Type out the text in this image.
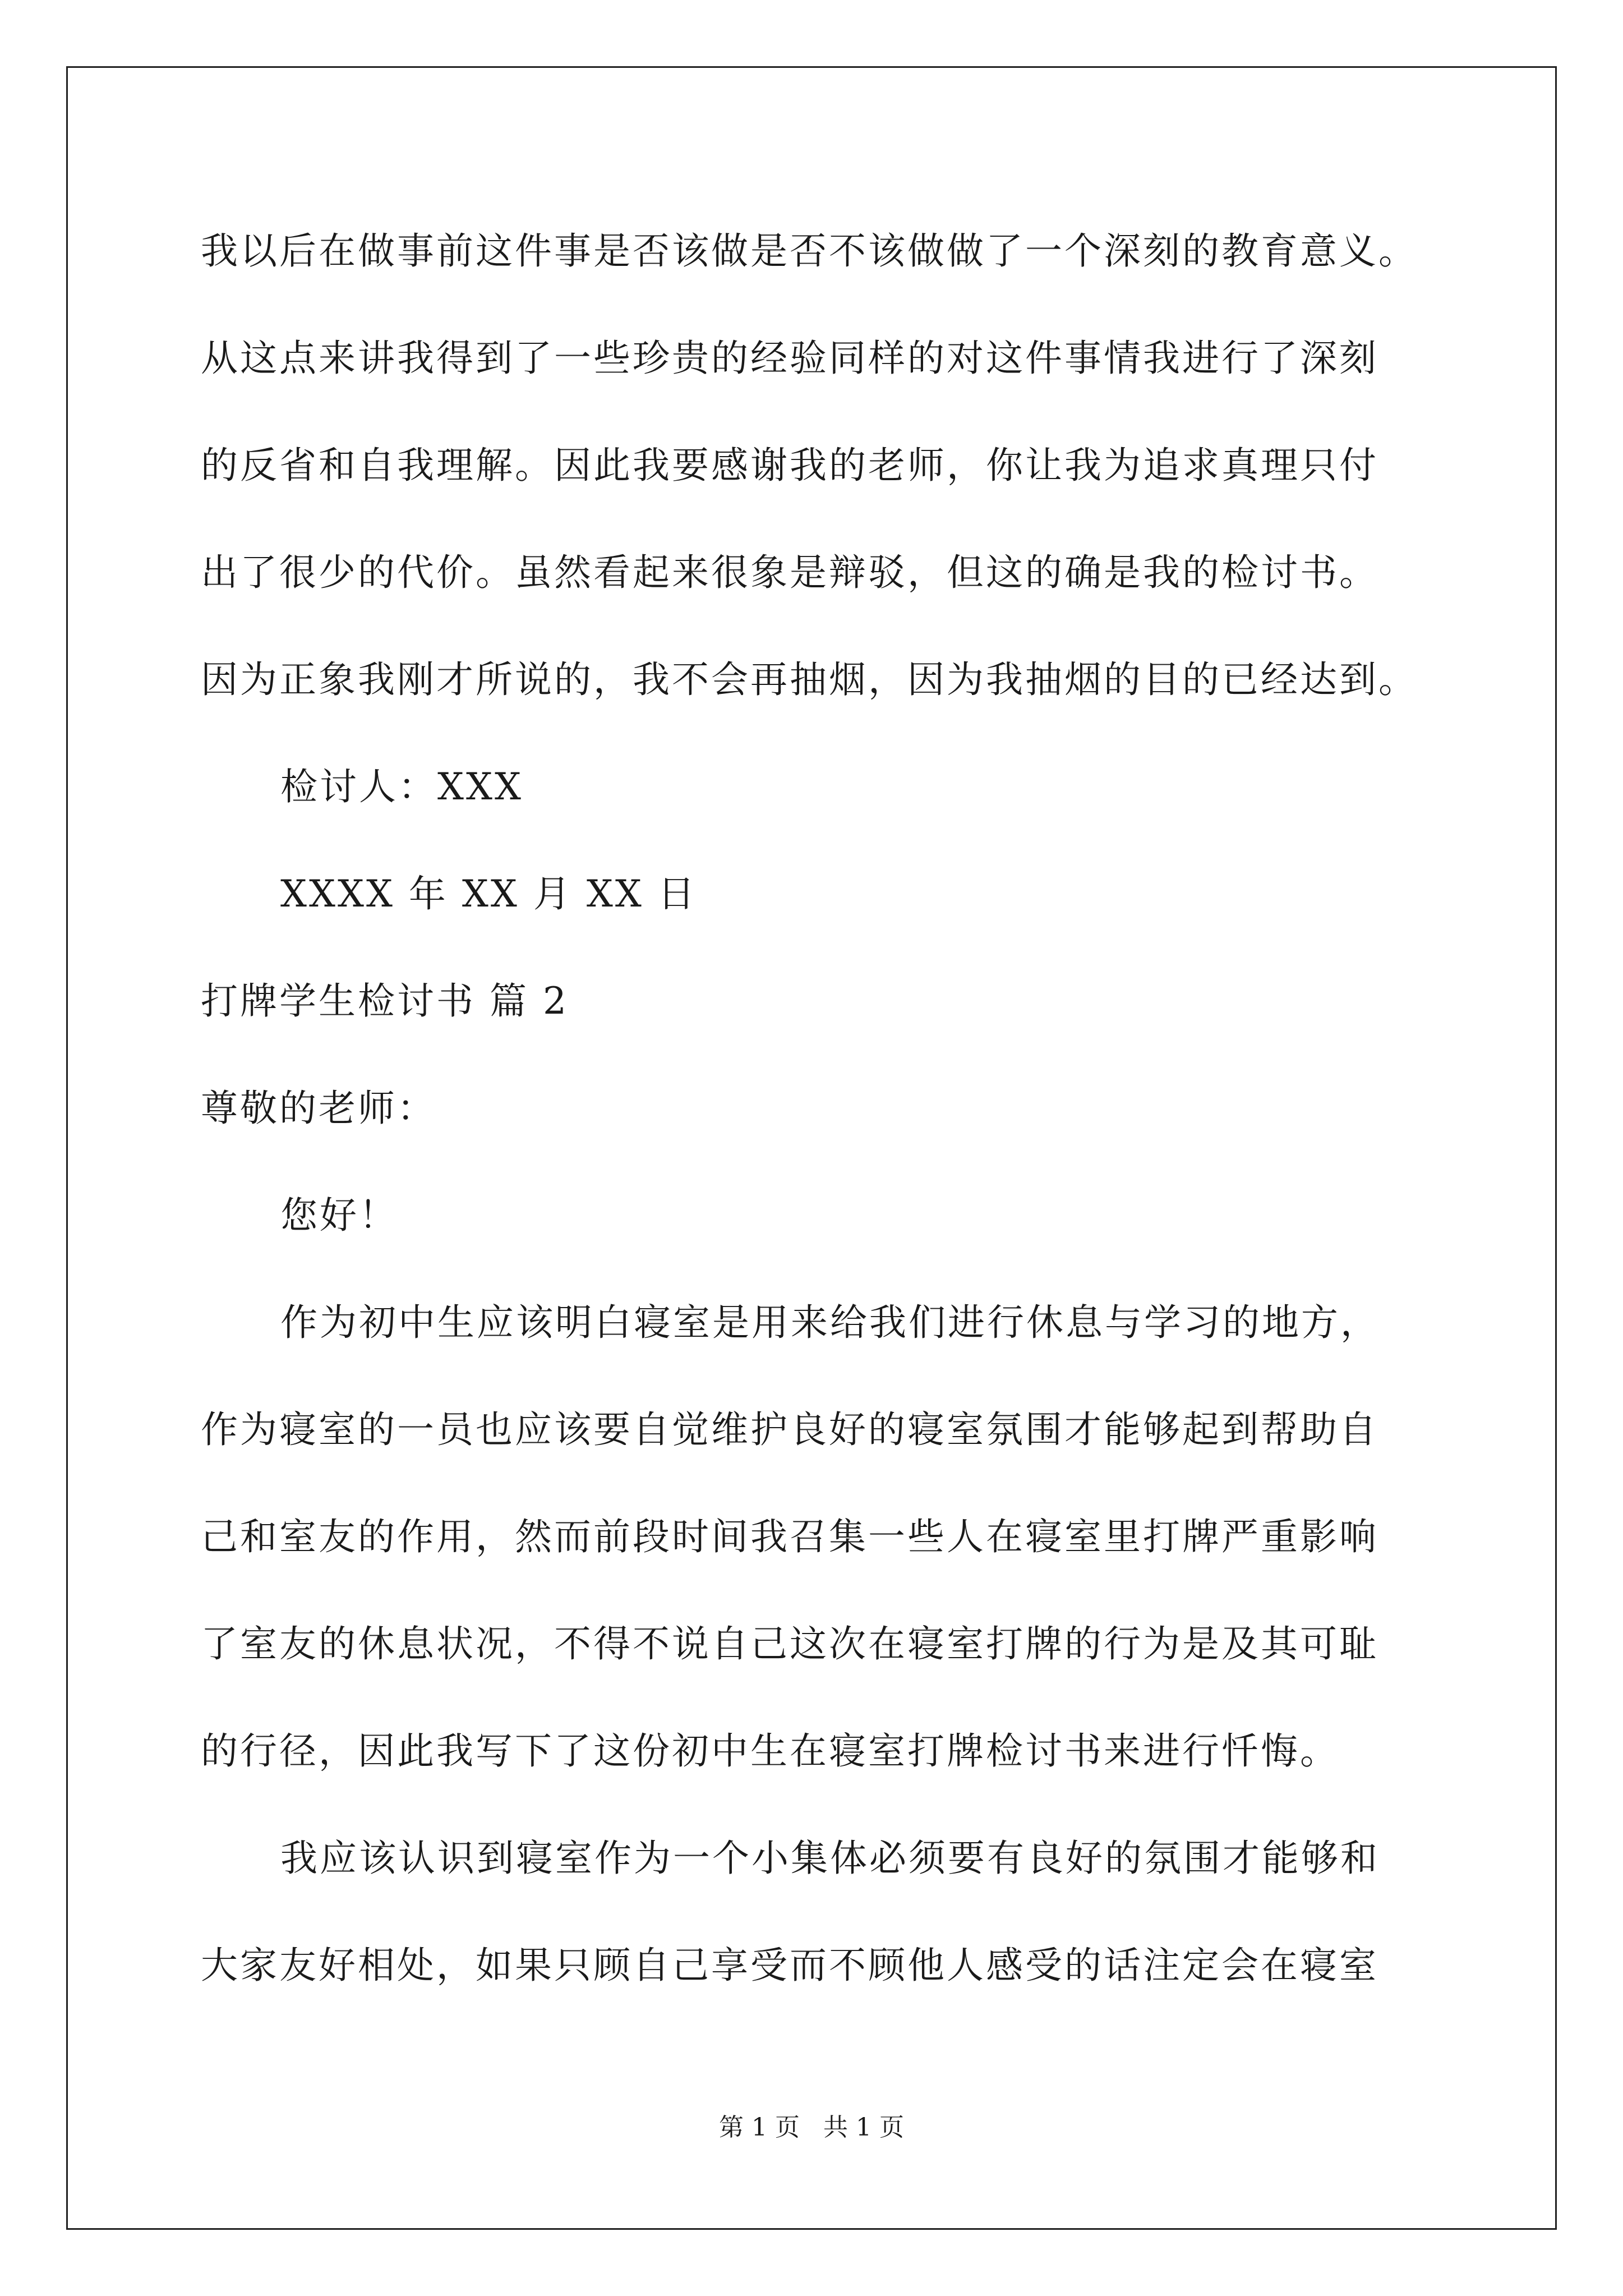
我以后在做事前这件事是否该做是否不该做做了一个深刻的教育意义。
从这点来讲我得到了一些珍贵的经验同样的对这件事情我进行了深刻
的反省和自我理解。因此我要感谢我的老师，你让我为追求真理只付
出了很少的代价。虽然看起来很象是辩驳，但这的确是我的检讨书。
因为正象我刚才所说的，我不会再抽烟，因为我抽烟的目的已经达到。
检讨人：XXX
XXXX 年 XX 月 XX 日
打牌学生检讨书 篇 2
尊敬的老师：
您好！
作为初中生应该明白寝室是用来给我们进行休息与学习的地方，
作为寝室的一员也应该要自觉维护良好的寝室氛围才能够起到帮助自
己和室友的作用，然而前段时间我召集一些人在寝室里打牌严重影响
了室友的休息状况，不得不说自己这次在寝室打牌的行为是及其可耻
的行径，因此我写下了这份初中生在寝室打牌检讨书来进行忏悔。
我应该认识到寝室作为一个小集体必须要有良好的氛围才能够和
大家友好相处，如果只顾自己享受而不顾他人感受的话注定会在寝室
第 1 页   共 1 页
